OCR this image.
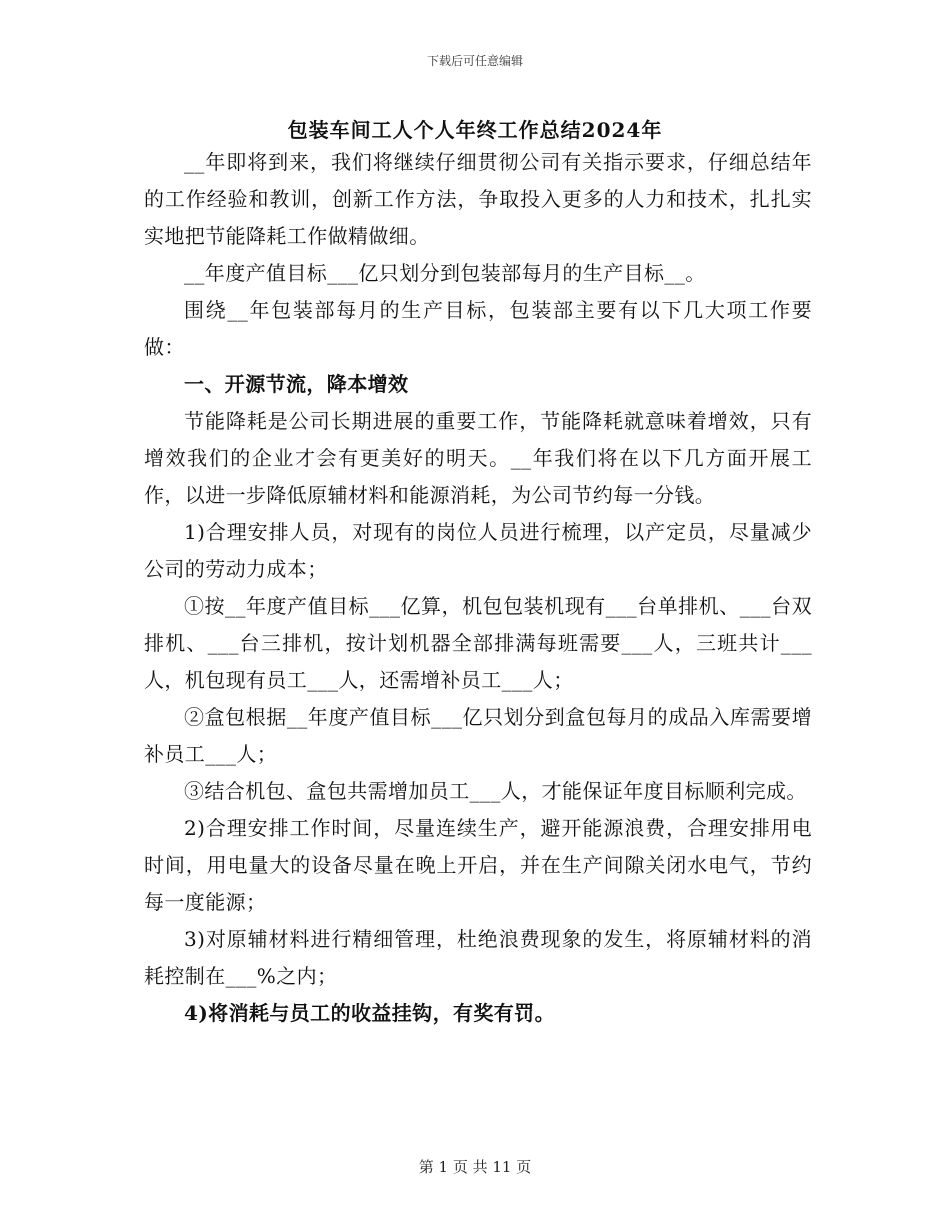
下载后可任意编辑
包装车间工人个人年终工作总结2024年

__年即将到来，我们将继续仔细贯彻公司有关指示要求，仔细总结年的工作经验和教训，创新工作方法，争取投入更多的人力和技术，扎扎实实地把节能降耗工作做精做细。

__年度产值目标___亿只划分到包装部每月的生产目标__。

围绕__年包装部每月的生产目标，包装部主要有以下几大项工作要做：

一、开源节流，降本增效

节能降耗是公司长期进展的重要工作，节能降耗就意味着增效，只有增效我们的企业才会有更美好的明天。__年我们将在以下几方面开展工作，以进一步降低原辅材料和能源消耗，为公司节约每一分钱。

1)合理安排人员，对现有的岗位人员进行梳理，以产定员，尽量减少公司的劳动力成本；

①按__年度产值目标___亿算，机包包装机现有___台单排机、___台双排机、___台三排机，按计划机器全部排满每班需要___人，三班共计___人，机包现有员工___人，还需增补员工___人；

②盒包根据__年度产值目标___亿只划分到盒包每月的成品入库需要增补员工___人；

③结合机包、盒包共需增加员工___人，才能保证年度目标顺利完成。

2)合理安排工作时间，尽量连续生产，避开能源浪费，合理安排用电时间，用电量大的设备尽量在晚上开启，并在生产间隙关闭水电气，节约每一度能源；

3)对原辅材料进行精细管理，杜绝浪费现象的发生，将原辅材料的消耗控制在___%之内；

4)将消耗与员工的收益挂钩，有奖有罚。

第 1 页 共 11 页
